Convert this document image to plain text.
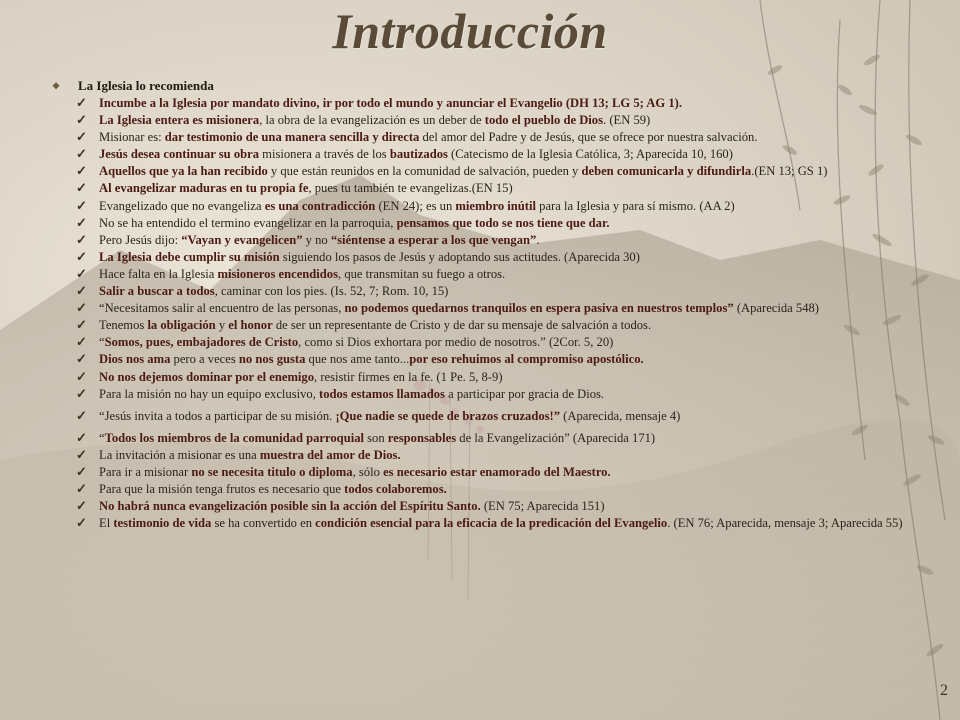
Introducción
❖	La Iglesia lo recomienda
✓ Incumbe a la Iglesia por mandato divino, ir por todo el mundo y anunciar el Evangelio (DH 13; LG 5; AG 1).
✓ La Iglesia entera es misionera, la obra de la evangelización es un deber de todo el pueblo de Dios. (EN 59)
✓ Misionar es: dar testimonio de una manera sencilla y directa del amor del Padre y de Jesús, que se ofrece por nuestra salvación.
✓ Jesús desea continuar su obra misionera a través de los bautizados (Catecismo de la Iglesia Católica, 3; Aparecida 10, 160)
✓ Aquellos que ya la han recibido y que están reunidos en la comunidad de salvación, pueden y deben comunicarla y difundirla.(EN 13; GS 1)
✓ Al evangelizar maduras en tu propia fe, pues tu también te evangelizas.(EN 15)
✓ Evangelizado que no evangeliza es una contradicción (EN 24); es un miembro inútil para la Iglesia y para sí mismo. (AA 2)
✓ No se ha entendido el termino evangelizar en la parroquia, pensamos que todo se nos tiene que dar.
✓ Pero Jesús dijo: “Vayan y evangelicen” y no “siéntense a esperar a los que vengan”.
✓ La Iglesia debe cumplir su misión siguiendo los pasos de Jesús y adoptando sus actitudes. (Aparecida 30)
✓ Hace falta en la Iglesia misioneros encendidos, que transmitan su fuego a otros.
✓ Salir a buscar a todos, caminar con los pies. (Is. 52, 7; Rom. 10, 15)
✓ “Necesitamos salir al encuentro de las personas, no podemos quedarnos tranquilos en espera pasiva en nuestros templos” (Aparecida 548)
✓ Tenemos la obligación y el honor de ser un representante de Cristo y de dar su mensaje de salvación a todos.
✓ “Somos, pues, embajadores de Cristo, como si Dios exhortara por medio de nosotros.” (2Cor. 5, 20)
✓ Dios nos ama pero a veces no nos gusta que nos ame tanto...por eso rehuimos al compromiso apostólico.
✓ No nos dejemos dominar por el enemigo, resistir firmes en la fe. (1 Pe. 5, 8-9)
✓ Para la misión no hay un equipo exclusivo, todos estamos llamados a participar por gracia de Dios.
✓ “Jesús invita a todos a participar de su misión. ¡Que nadie se quede de brazos cruzados!” (Aparecida, mensaje 4)
✓ “Todos los miembros de la comunidad parroquial son responsables de la Evangelización” (Aparecida 171)
✓ La invitación a misionar es una muestra del amor de Dios.
✓ Para ir a misionar no se necesita titulo o diploma, sólo es necesario estar enamorado del Maestro.
✓ Para que la misión tenga frutos es necesario que todos colaboremos.
✓ No habrá nunca evangelización posible sin la acción del Espíritu Santo. (EN 75; Aparecida 151)
✓ El testimonio de vida se ha convertido en condición esencial para la eficacia de la predicación del Evangelio. (EN 76; Aparecida, mensaje 3; Aparecida 55)
2
